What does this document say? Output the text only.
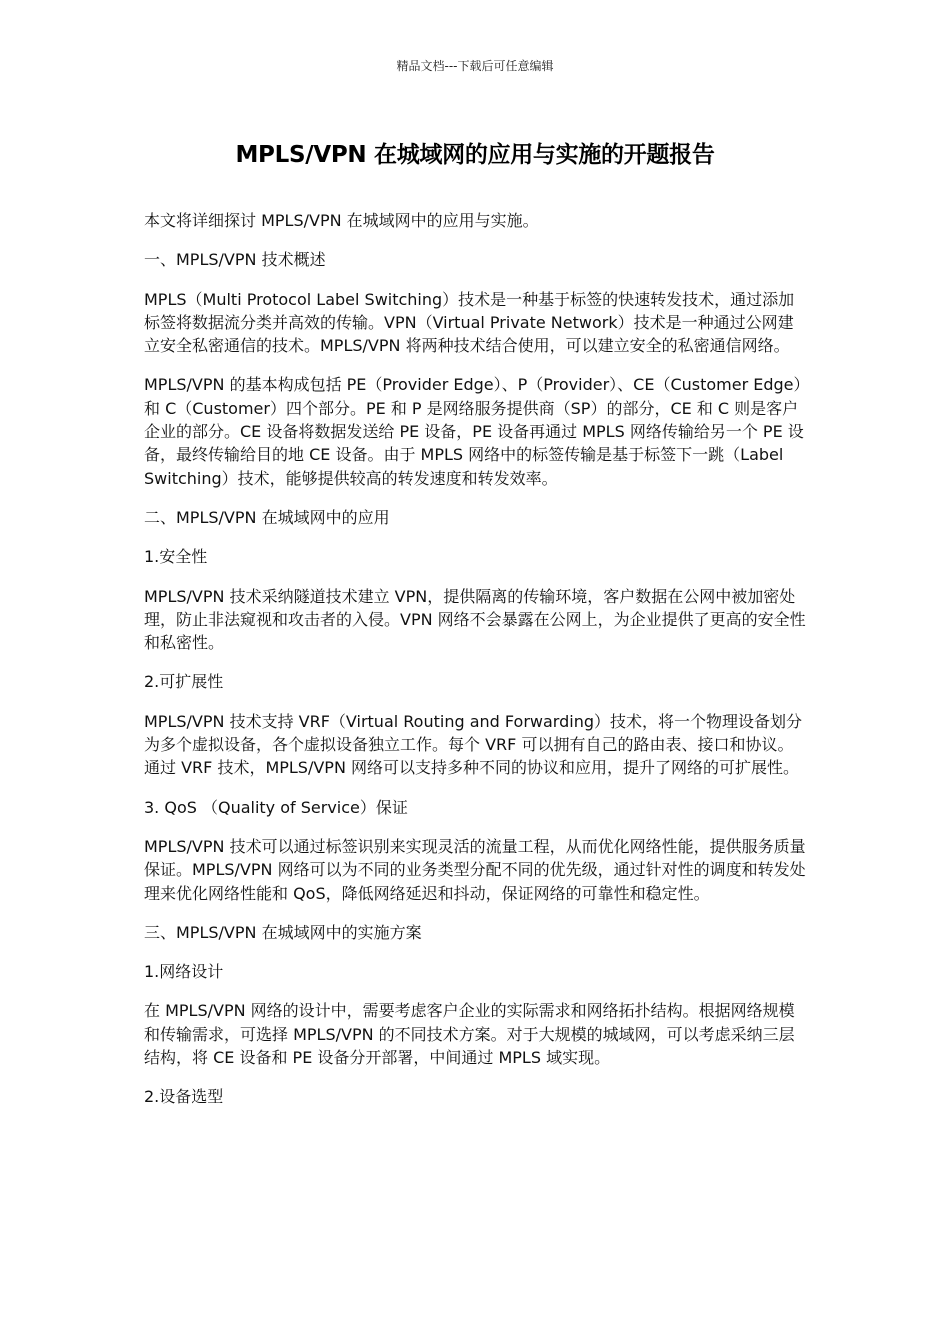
精品文档---下载后可任意编辑
MPLS/VPN 在城域网的应用与实施的开题报告

本文将详细探讨 MPLS/VPN 在城域网中的应用与实施。

一、MPLS/VPN 技术概述

MPLS（Multi Protocol Label Switching）技术是一种基于标签的快速转发技术，通过添加标签将数据流分类并高效的传输。VPN（Virtual Private Network）技术是一种通过公网建立安全私密通信的技术。MPLS/VPN 将两种技术结合使用，可以建立安全的私密通信网络。

MPLS/VPN 的基本构成包括 PE（Provider Edge）、P（Provider）、CE（Customer Edge）和 C（Customer）四个部分。PE 和 P 是网络服务提供商（SP）的部分，CE 和 C 则是客户企业的部分。CE 设备将数据发送给 PE 设备，PE 设备再通过 MPLS 网络传输给另一个 PE 设备，最终传输给目的地 CE 设备。由于 MPLS 网络中的标签传输是基于标签下一跳（Label Switching）技术，能够提供较高的转发速度和转发效率。

二、MPLS/VPN 在城域网中的应用

1.安全性

MPLS/VPN 技术采纳隧道技术建立 VPN，提供隔离的传输环境，客户数据在公网中被加密处理，防止非法窥视和攻击者的入侵。VPN 网络不会暴露在公网上，为企业提供了更高的安全性和私密性。

2.可扩展性

MPLS/VPN 技术支持 VRF（Virtual Routing and Forwarding）技术，将一个物理设备划分为多个虚拟设备，各个虚拟设备独立工作。每个 VRF 可以拥有自己的路由表、接口和协议。通过 VRF 技术，MPLS/VPN 网络可以支持多种不同的协议和应用，提升了网络的可扩展性。

3. QoS （Quality of Service）保证

MPLS/VPN 技术可以通过标签识别来实现灵活的流量工程，从而优化网络性能，提供服务质量保证。MPLS/VPN 网络可以为不同的业务类型分配不同的优先级，通过针对性的调度和转发处理来优化网络性能和 QoS，降低网络延迟和抖动，保证网络的可靠性和稳定性。

三、MPLS/VPN 在城域网中的实施方案

1.网络设计

在 MPLS/VPN 网络的设计中，需要考虑客户企业的实际需求和网络拓扑结构。根据网络规模和传输需求，可选择 MPLS/VPN 的不同技术方案。对于大规模的城域网，可以考虑采纳三层结构，将 CE 设备和 PE 设备分开部署，中间通过 MPLS 域实现。

2.设备选型
